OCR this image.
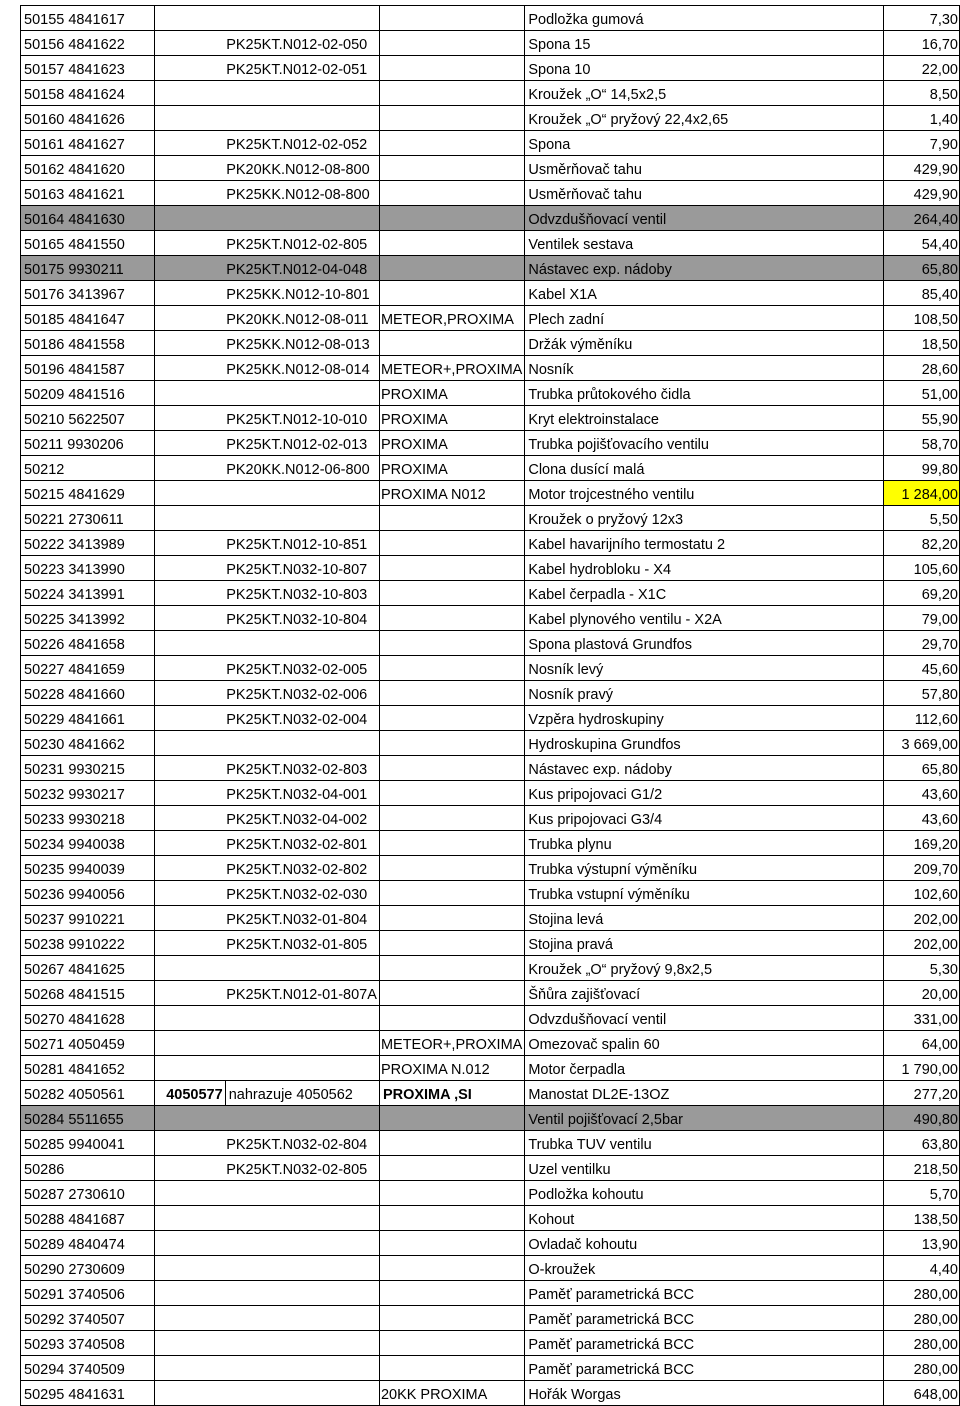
50155 4841617				Podložka gumová	7,30
50156 4841622		PK25KT.N012-02-050		Spona 15	16,70
50157 4841623		PK25KT.N012-02-051		Spona 10	22,00
50158 4841624				Kroužek „O“ 14,5x2,5	8,50
50160 4841626				Kroužek „O“ pryžový 22,4x2,65	1,40
50161 4841627		PK25KT.N012-02-052		Spona	7,90
50162 4841620		PK20KK.N012-08-800		Usměrňovač tahu	429,90
50163 4841621		PK25KK.N012-08-800		Usměrňovač tahu	429,90
50164 4841630				Odvzdušňovací ventil	264,40
50165 4841550		PK25KT.N012-02-805		Ventilek sestava	54,40
50175 9930211		PK25KT.N012-04-048		Nástavec exp. nádoby	65,80
50176 3413967		PK25KK.N012-10-801		Kabel X1A	85,40
50185 4841647		PK20KK.N012-08-011	METEOR,PROXIMA	Plech zadní	108,50
50186 4841558		PK25KK.N012-08-013		Držák výměníku	18,50
50196 4841587		PK25KK.N012-08-014	METEOR+,PROXIMA	Nosník	28,60
50209 4841516			PROXIMA	Trubka průtokového čidla	51,00
50210 5622507		PK25KT.N012-10-010	PROXIMA	Kryt elektroinstalace	55,90
50211 9930206		PK25KT.N012-02-013	PROXIMA	Trubka pojišťovacího ventilu	58,70
50212		PK20KK.N012-06-800	PROXIMA	Clona dusící malá	99,80
50215 4841629			PROXIMA N012	Motor trojcestného ventilu	1 284,00
50221 2730611				Kroužek o pryžový 12x3	5,50
50222 3413989		PK25KT.N012-10-851		Kabel havarijního termostatu 2	82,20
50223 3413990		PK25KT.N032-10-807		Kabel hydrobloku - X4	105,60
50224 3413991		PK25KT.N032-10-803		Kabel čerpadla - X1C	69,20
50225 3413992		PK25KT.N032-10-804		Kabel plynového ventilu - X2A	79,00
50226 4841658				Spona plastová Grundfos	29,70
50227 4841659		PK25KT.N032-02-005		Nosník levý	45,60
50228 4841660		PK25KT.N032-02-006		Nosník pravý	57,80
50229 4841661		PK25KT.N032-02-004		Vzpěra hydroskupiny	112,60
50230 4841662				Hydroskupina Grundfos	3 669,00
50231 9930215		PK25KT.N032-02-803		Nástavec exp. nádoby	65,80
50232 9930217		PK25KT.N032-04-001		Kus pripojovaci G1/2	43,60
50233 9930218		PK25KT.N032-04-002		Kus pripojovaci G3/4	43,60
50234 9940038		PK25KT.N032-02-801		Trubka plynu	169,20
50235 9940039		PK25KT.N032-02-802		Trubka výstupní výměníku	209,70
50236 9940056		PK25KT.N032-02-030		Trubka vstupní výměníku	102,60
50237 9910221		PK25KT.N032-01-804		Stojina levá	202,00
50238 9910222		PK25KT.N032-01-805		Stojina pravá	202,00
50267 4841625				Kroužek „O“ pryžový 9,8x2,5	5,30
50268 4841515		PK25KT.N012-01-807A		Šňůra zajišťovací	20,00
50270 4841628				Odvzdušňovací ventil	331,00
50271 4050459			METEOR+,PROXIMA	Omezovač spalin 60	64,00
50281 4841652			PROXIMA N.012	Motor čerpadla	1 790,00
50282 4050561	4050577	nahrazuje 4050562	PROXIMA ,SI	Manostat DL2E-13OZ	277,20
50284 5511655				Ventil pojišťovací 2,5bar	490,80
50285 9940041		PK25KT.N032-02-804		Trubka TUV ventilu	63,80
50286		PK25KT.N032-02-805		Uzel ventilku	218,50
50287 2730610				Podložka kohoutu	5,70
50288 4841687				Kohout	138,50
50289 4840474				Ovladač kohoutu	13,90
50290 2730609				O-kroužek	4,40
50291 3740506				Paměť parametrická BCC	280,00
50292 3740507				Paměť parametrická BCC	280,00
50293 3740508				Paměť parametrická BCC	280,00
50294 3740509				Paměť parametrická BCC	280,00
50295 4841631			20KK PROXIMA	Hořák Worgas	648,00
